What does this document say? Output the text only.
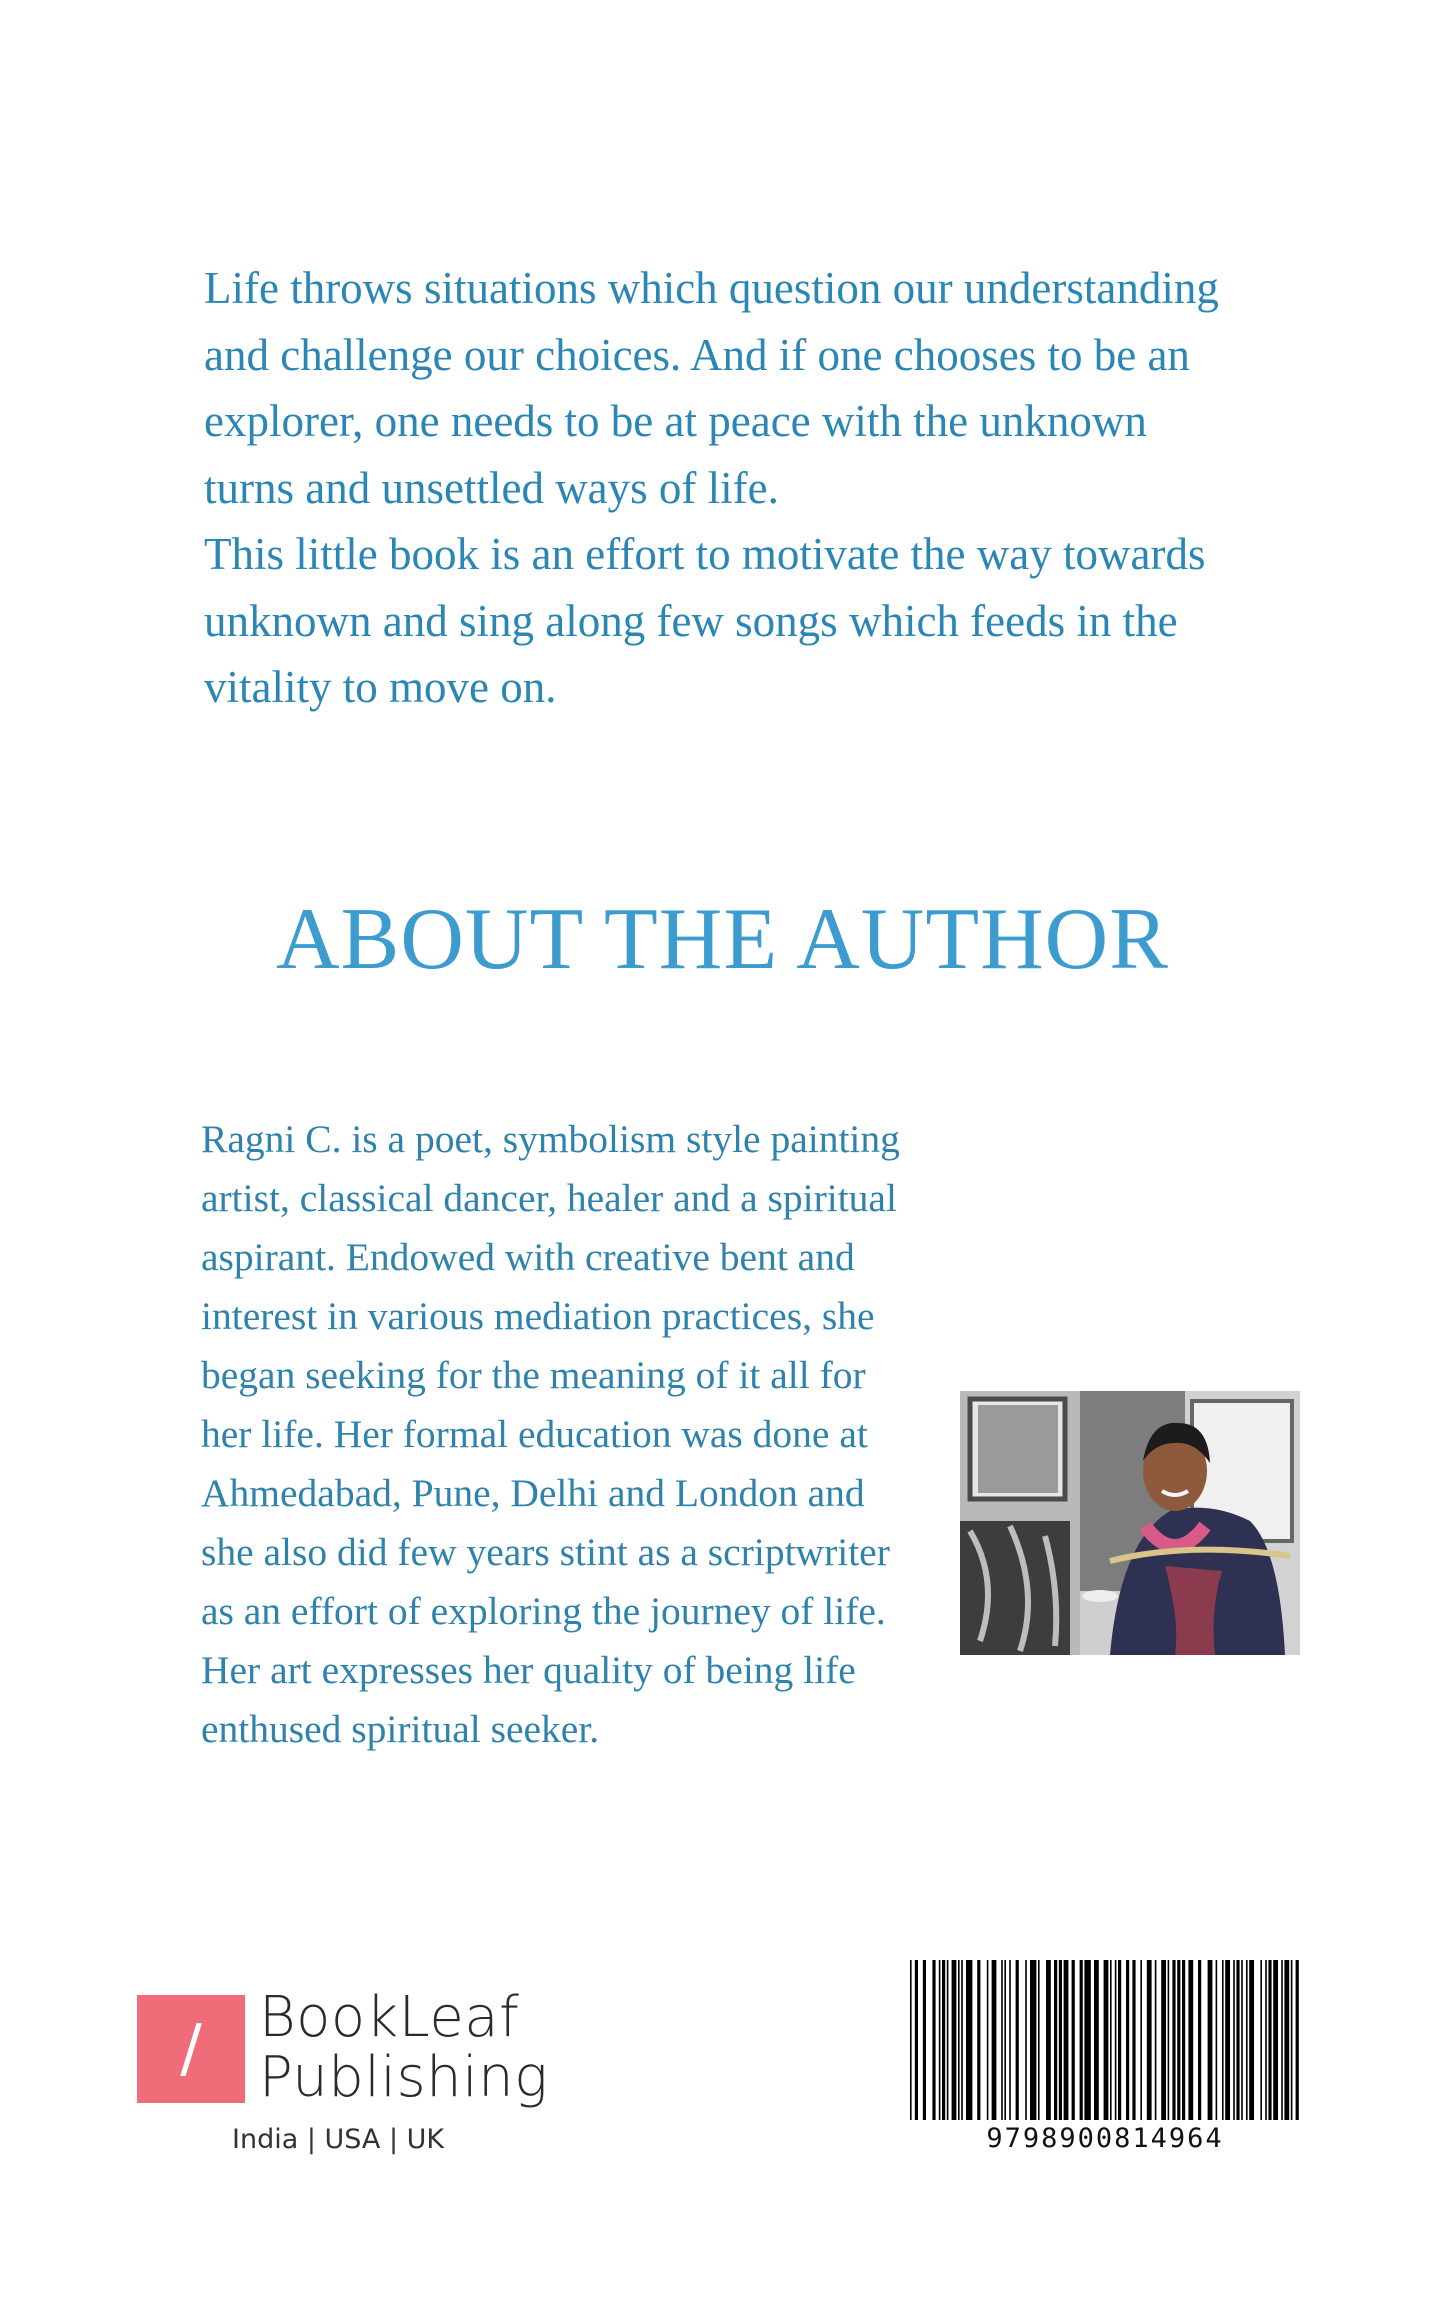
Life throws situations which question our understanding and challenge our choices. And if one chooses to be an explorer, one needs to be at peace with the unknown turns and unsettled ways of life.

This little book is an effort to motivate the way towards unknown and sing along few songs which feeds in the vitality to move on.

ABOUT THE AUTHOR
Ragni C. is a poet, symbolism style painting artist, classical dancer, healer and a spiritual aspirant. Endowed with creative bent and interest in various mediation practices, she began seeking for the meaning of it all for her life. Her formal education was done at Ahmedabad, Pune, Delhi and London and she also did few years stint as a scriptwriter as an effort of exploring the journey of life. Her art expresses her quality of being life enthused spiritual seeker.
/	BookLeaf
Publishing
India | USA | UK	9798900814964
